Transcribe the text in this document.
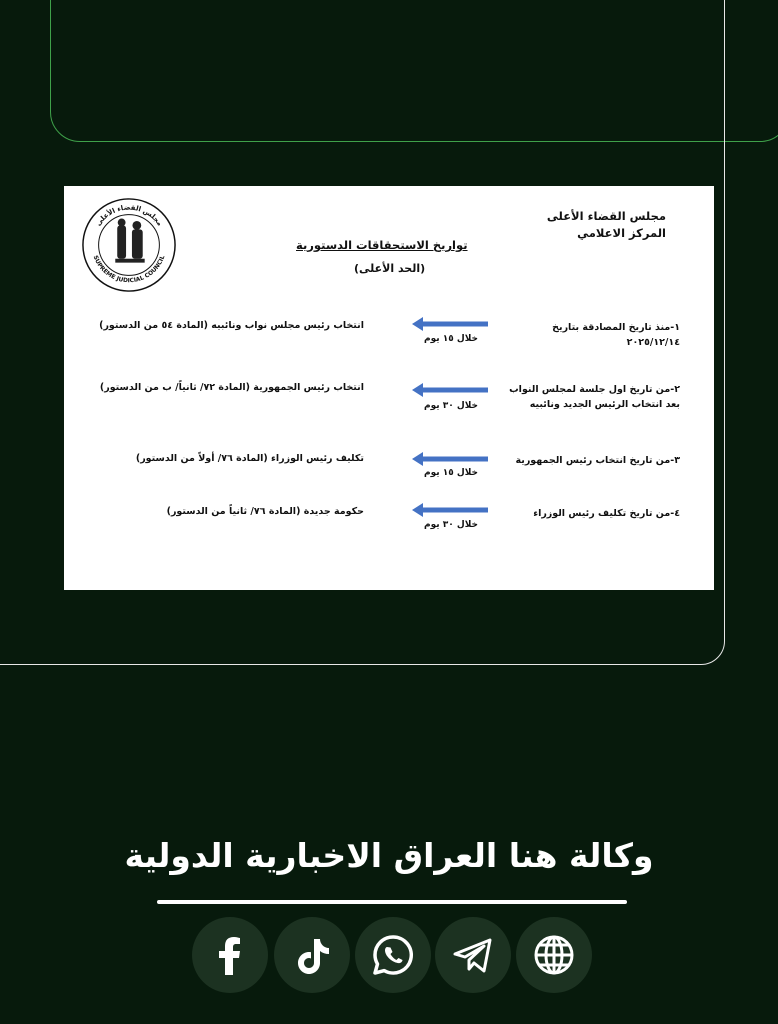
مجلس القضاء الأعلى
المركز الاعلامي
مجلس القضاء الأعلى
SUPREME JUDICIAL COUNCIL
تواريخ الاستحقاقات الدستورية
(الحد الأعلى)
١-منذ تاريخ المصادقة بتاريخ ٢٠٢٥/١٢/١٤
خلال ١٥ يوم
انتخاب رئيس مجلس نواب ونائبيه (المادة ٥٤ من الدستور)
٢-من تاريخ اول جلسة لمجلس النواب بعد انتخاب الرئيس الجديد ونائبيه
خلال ٣٠ يوم
انتخاب رئيس الجمهورية (المادة ٧٢/ ثانياً/ ب من الدستور)
٣-من تاريخ انتخاب رئيس الجمهورية
خلال ١٥ يوم
تكليف رئيس الوزراء (المادة ٧٦/ أولاً من الدستور)
٤-من تاريخ تكليف رئيس الوزراء
خلال ٣٠ يوم
حكومة جديدة (المادة ٧٦/ ثانياً من الدستور)
وكالة هنا العراق الاخبارية الدولية
